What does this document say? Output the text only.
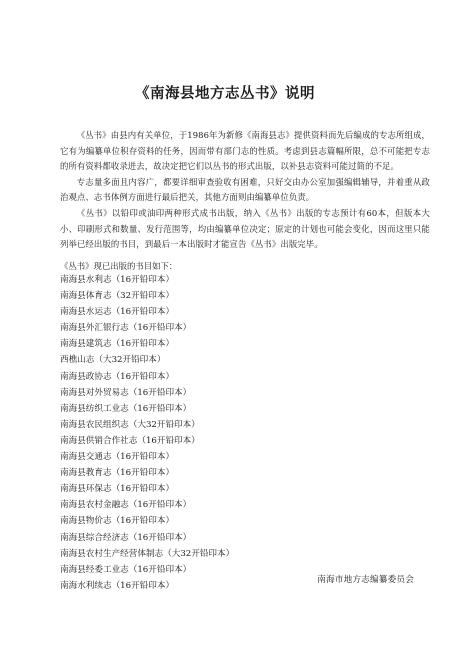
《南海县地方志丛书》说明

《丛书》由县内有关单位，于1986年为新修《南海县志》提供资料而先后编成的专志所组成，它有为编纂单位积存资料的任务，因而带有部门志的性质。考虑到县志篇幅所限，总不可能把专志的所有资料都收录进去，故决定把它们以丛书的形式出版，以补县志资料可能过简的不足。

专志量多面且内容广，都要详细审查验收有困难，只好交由办公室加强编辑辅导，并着重从政治观点、志书体例方面进行最后把关，其他方面则由编纂单位负责。

《丛书》以铅印或油印两种形式成书出版，纳入《丛书》出版的专志预计有60本，但版本大小、印刷形式和数量、发行范围等，均由编纂单位决定；原定的计划也可能会变化，因而这里只能列举已经出版的书目，到最后一本出版时才能宣告《丛书》出版完毕。

《丛书》现已出版的书目如下：
南海县水利志（16开铅印本）
南海县体育志（32开铅印本）
南海县水运志（16开铅印本）
南海县外汇银行志（16开铅印本）
南海县建筑志（16开铅印本）
西樵山志（大32开铅印本）
南海县政协志（16开铅印本）
南海县对外贸易志（16开铅印本）
南海县纺织工业志（16开铅印本）
南海县农民组织志（大32开铅印本）
南海县供销合作社志（16开铅印本）
南海县交通志（16开铅印本）
南海县教育志（16开铅印本）
南海县环保志（16开铅印本）
南海县农村金融志（16开铅印本）
南海县物价志（16开铅印本）
南海县综合经济志（16开铅印本）
南海县农村生产经营体制志（大32开铅印本）
南海县经委工业志（16开铅印本）
南海水利续志（16开铅印本）
南海市地方志编纂委员会
